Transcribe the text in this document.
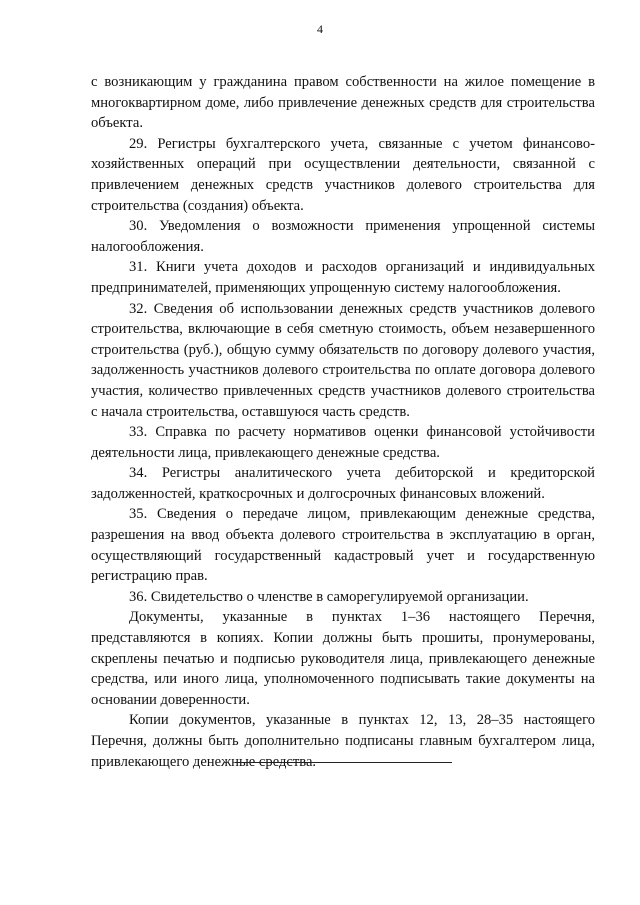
4

с возникающим у гражданина правом собственности на жилое помещение в многоквартирном доме, либо привлечение денежных средств для строительства объекта.

29. Регистры бухгалтерского учета, связанные с учетом финансово-хозяйственных операций при осуществлении деятельности, связанной с привлечением денежных средств участников долевого строительства для строительства (создания) объекта.

30. Уведомления о возможности применения упрощенной системы налогообложения.

31. Книги учета доходов и расходов организаций и индивидуальных предпринимателей, применяющих упрощенную систему налогообложения.

32. Сведения об использовании денежных средств участников долевого строительства, включающие в себя сметную стоимость, объем незавершенного строительства (руб.), общую сумму обязательств по договору долевого участия, задолженность участников долевого строительства по оплате договора долевого участия, количество привлеченных средств участников долевого строительства с начала строительства, оставшуюся часть средств.

33. Справка по расчету нормативов оценки финансовой устойчивости деятельности лица, привлекающего денежные средства.

34. Регистры аналитического учета дебиторской и кредиторской задолженностей, краткосрочных и долгосрочных финансовых вложений.

35. Сведения о передаче лицом, привлекающим денежные средства, разрешения на ввод объекта долевого строительства в эксплуатацию в орган, осуществляющий государственный кадастровый учет и государственную регистрацию прав.

36. Свидетельство о членстве в саморегулируемой организации.

Документы, указанные в пунктах 1–36 настоящего Перечня, представляются в копиях. Копии должны быть прошиты, пронумерованы, скреплены печатью и подписью руководителя лица, привлекающего денежные средства, или иного лица, уполномоченного подписывать такие документы на основании доверенности.

Копии документов, указанные в пунктах 12, 13, 28–35 настоящего Перечня, должны быть дополнительно подписаны главным бухгалтером лица, привлекающего денежные средства.
